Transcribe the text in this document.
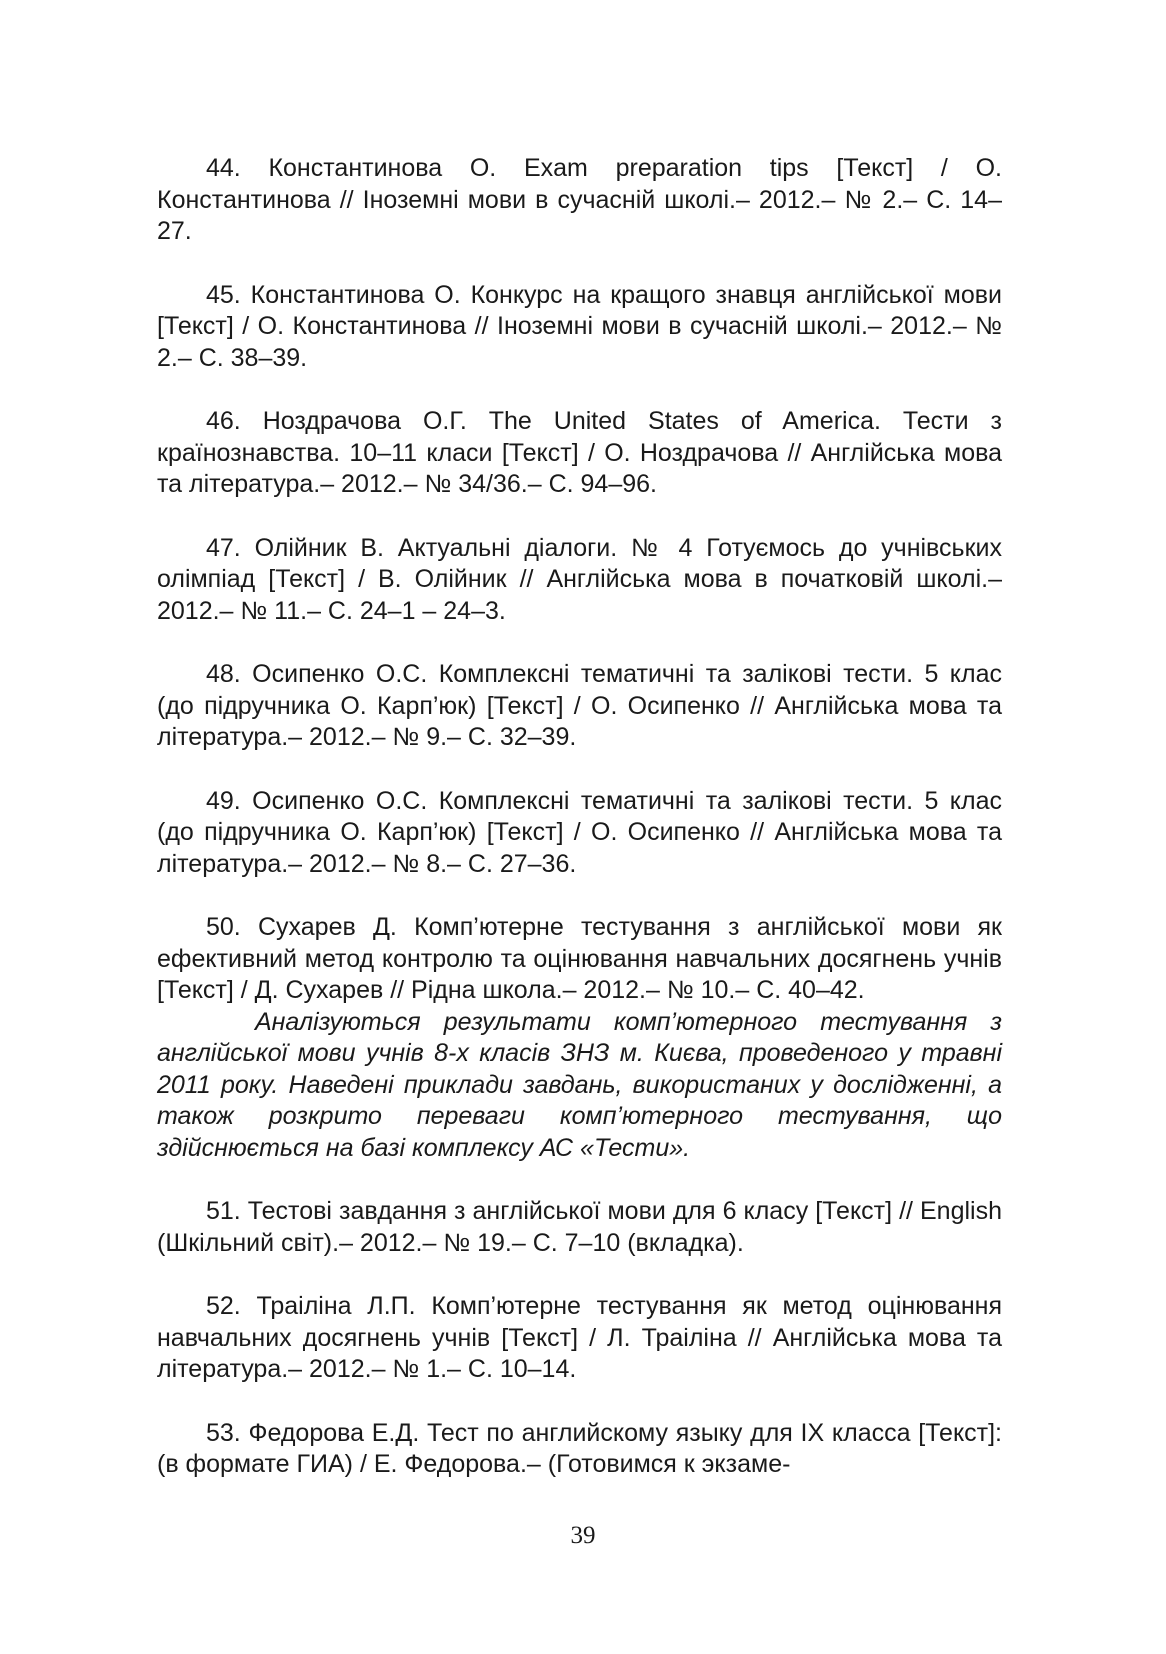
44. Константинова О. Exam preparation tips [Текст] / О. Константинова // Іноземні мови в сучасній школі.– 2012.– № 2.– С. 14–27.

45. Константинова О. Конкурс на кращого знавця англійської мови [Текст] / О. Константинова // Іноземні мови в сучасній школі.– 2012.– № 2.– С. 38–39.

46. Ноздрачова О.Г. The United States of America. Тести з країнознавства. 10–11 класи [Текст] / О. Ноздрачова // Англійська мова та література.– 2012.– № 34/36.– С. 94–96.

47. Олійник В. Актуальні діалоги. № 4 Готуємось до учнівських олімпіад [Текст] / В. Олійник // Англійська мова в початковій школі.– 2012.– № 11.– С. 24–1 – 24–3.

48. Осипенко О.С. Комплексні тематичні та залікові тести. 5 клас (до підручника О. Карп’юк) [Текст] / О. Осипенко // Англійська мова та література.– 2012.– № 9.– С. 32–39.

49. Осипенко О.С. Комплексні тематичні та залікові тести. 5 клас (до підручника О. Карп’юк) [Текст] / О. Осипенко // Англійська мова та література.– 2012.– № 8.– С. 27–36.

50. Сухарев Д. Комп’ютерне тестування з англійської мови як ефективний метод контролю та оцінювання навчальних досягнень учнів [Текст] / Д. Сухарев // Рідна школа.– 2012.– № 10.– С. 40–42.
Аналізуються результати комп’ютерного тестування з англійської мови учнів 8-х класів ЗНЗ м. Києва, проведеного у травні 2011 року. Наведені приклади завдань, використаних у дослідженні, а також розкрито переваги комп’ютерного тестування, що здійснюється на базі комплексу АС «Тести».

51. Тестові завдання з англійської мови для 6 класу [Текст] // English (Шкільний світ).– 2012.– № 19.– С. 7–10 (вкладка).

52. Траіліна Л.П. Комп’ютерне тестування як метод оцінювання навчальних досягнень учнів [Текст] / Л. Траіліна // Англійська мова та література.– 2012.– № 1.– С. 10–14.

53. Федорова Е.Д. Тест по английскому языку для IX класса [Текст]: (в формате ГИА) / Е. Федорова.– (Готовимся к экзаме-

39
